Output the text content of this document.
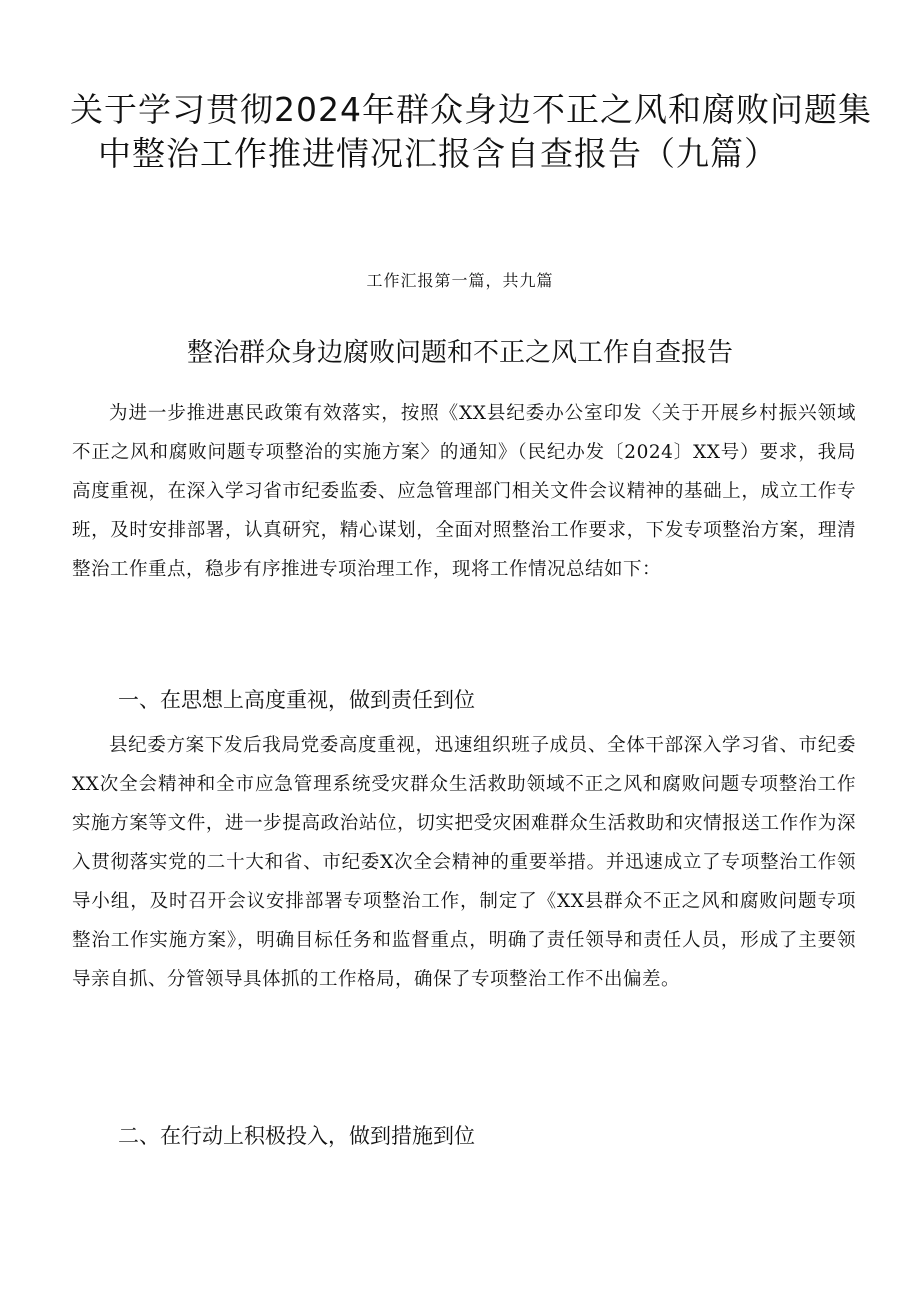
关于学习贯彻2024年群众身边不正之风和腐败问题集
中整治工作推进情况汇报含自查报告（九篇）

工作汇报第一篇，共九篇

整治群众身边腐败问题和不正之风工作自查报告

为进一步推进惠民政策有效落实，按照《XX县纪委办公室印发〈关于开展乡村振兴领域不正之风和腐败问题专项整治的实施方案〉的通知》（民纪办发〔2024〕XX号）要求，我局高度重视，在深入学习省市纪委监委、应急管理部门相关文件会议精神的基础上，成立工作专班，及时安排部署，认真研究，精心谋划，全面对照整治工作要求，下发专项整治方案，理清整治工作重点，稳步有序推进专项治理工作，现将工作情况总结如下：

一、在思想上高度重视，做到责任到位

县纪委方案下发后我局党委高度重视，迅速组织班子成员、全体干部深入学习省、市纪委XX次全会精神和全市应急管理系统受灾群众生活救助领域不正之风和腐败问题专项整治工作实施方案等文件，进一步提高政治站位，切实把受灾困难群众生活救助和灾情报送工作作为深入贯彻落实党的二十大和省、市纪委X次全会精神的重要举措。并迅速成立了专项整治工作领导小组，及时召开会议安排部署专项整治工作，制定了《XX县群众不正之风和腐败问题专项整治工作实施方案》，明确目标任务和监督重点，明确了责任领导和责任人员，形成了主要领导亲自抓、分管领导具体抓的工作格局，确保了专项整治工作不出偏差。

二、在行动上积极投入，做到措施到位
